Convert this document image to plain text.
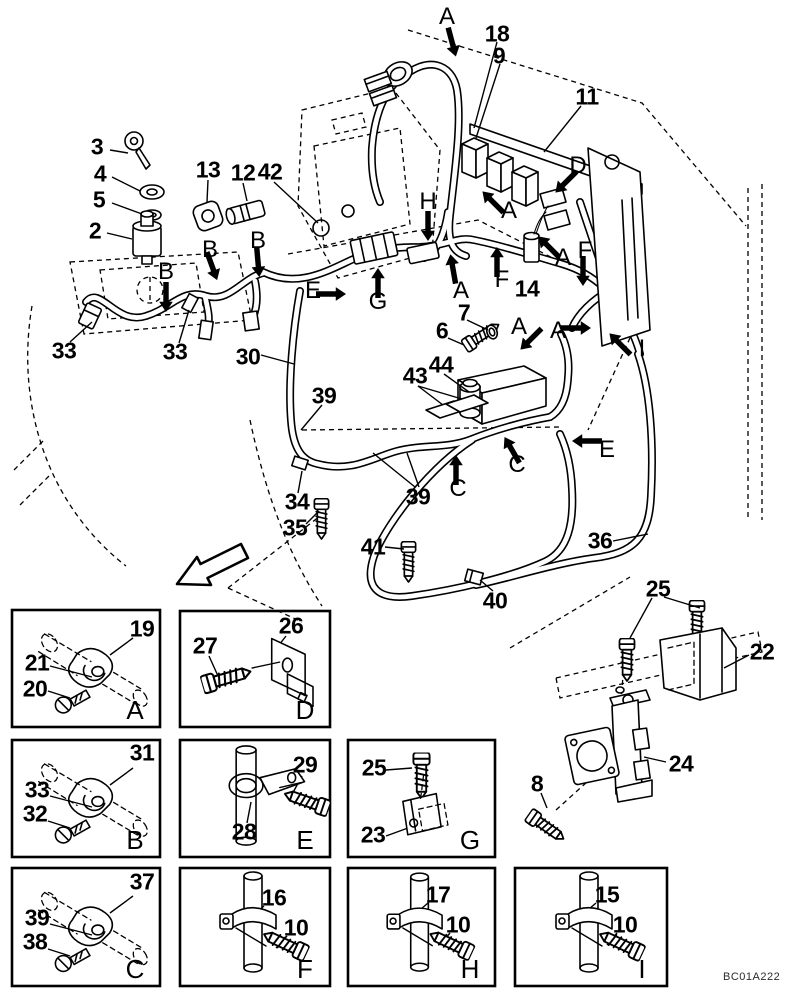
BC01A222
18
9
11
3
4
5
2
13 12 42
14
7
6
33	33 30
39
43 44
34
35
39
41	36
40	25
22
24
8
A
D
H	A
B
B B
E G	A F
A F
A A
I
C
C
E
19
21
20
A
27
26
D
31
33
32
B
29
28 E
25
23	G
37
39
38
C
16
10
F
17
10
H
15
10
I
